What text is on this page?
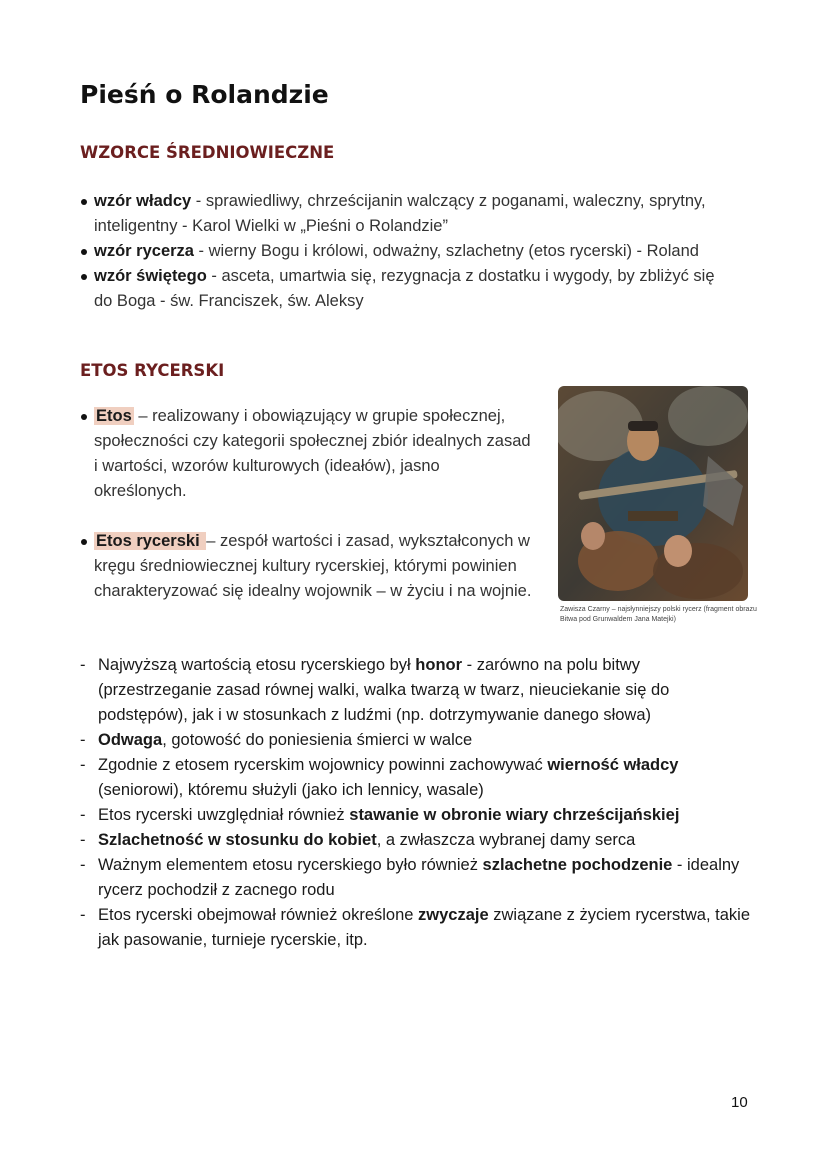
Pieśń o Rolandzie
WZORCE ŚREDNIOWIECZNE
wzór władcy - sprawiedliwy, chrześcijanin walczący z poganami, waleczny, sprytny, inteligentny - Karol Wielki w „Pieśni o Rolandzie”
wzór rycerza - wierny Bogu i królowi, odważny, szlachetny (etos rycerski) - Roland
wzór świętego - asceta, umartwia się, rezygnacja z dostatku i wygody, by zbliżyć się do Boga - św. Franciszek, św. Aleksy
ETOS RYCERSKI
Etos – realizowany i obowiązujący w grupie społecznej, społeczności czy kategorii społecznej zbiór idealnych zasad i wartości, wzorów kulturowych (ideałów), jasno określonych.
Etos rycerski – zespół wartości i zasad, wykształconych w kręgu średniowiecznej kultury rycerskiej, którymi powinien charakteryzować się idealny wojownik – w życiu i na wojnie.
Zawisza Czarny – najsłynniejszy polski rycerz (fragment obrazu Bitwa pod Grunwaldem Jana Matejki)
- Najwyższą wartością etosu rycerskiego był honor - zarówno na polu bitwy (przestrzeganie zasad równej walki, walka twarzą w twarz, nieuciekanie się do podstępów), jak i w stosunkach z ludźmi (np. dotrzymywanie danego słowa)
- Odwaga, gotowość do poniesienia śmierci w walce
- Zgodnie z etosem rycerskim wojownicy powinni zachowywać wierność władcy (seniorowi), któremu służyli (jako ich lennicy, wasale)
- Etos rycerski uwzględniał również stawanie w obronie wiary chrześcijańskiej
- Szlachetność w stosunku do kobiet, a zwłaszcza wybranej damy serca
- Ważnym elementem etosu rycerskiego było również szlachetne pochodzenie - idealny rycerz pochodził z zacnego rodu
- Etos rycerski obejmował również określone zwyczaje związane z życiem rycerstwa, takie jak pasowanie, turnieje rycerskie, itp.
10
